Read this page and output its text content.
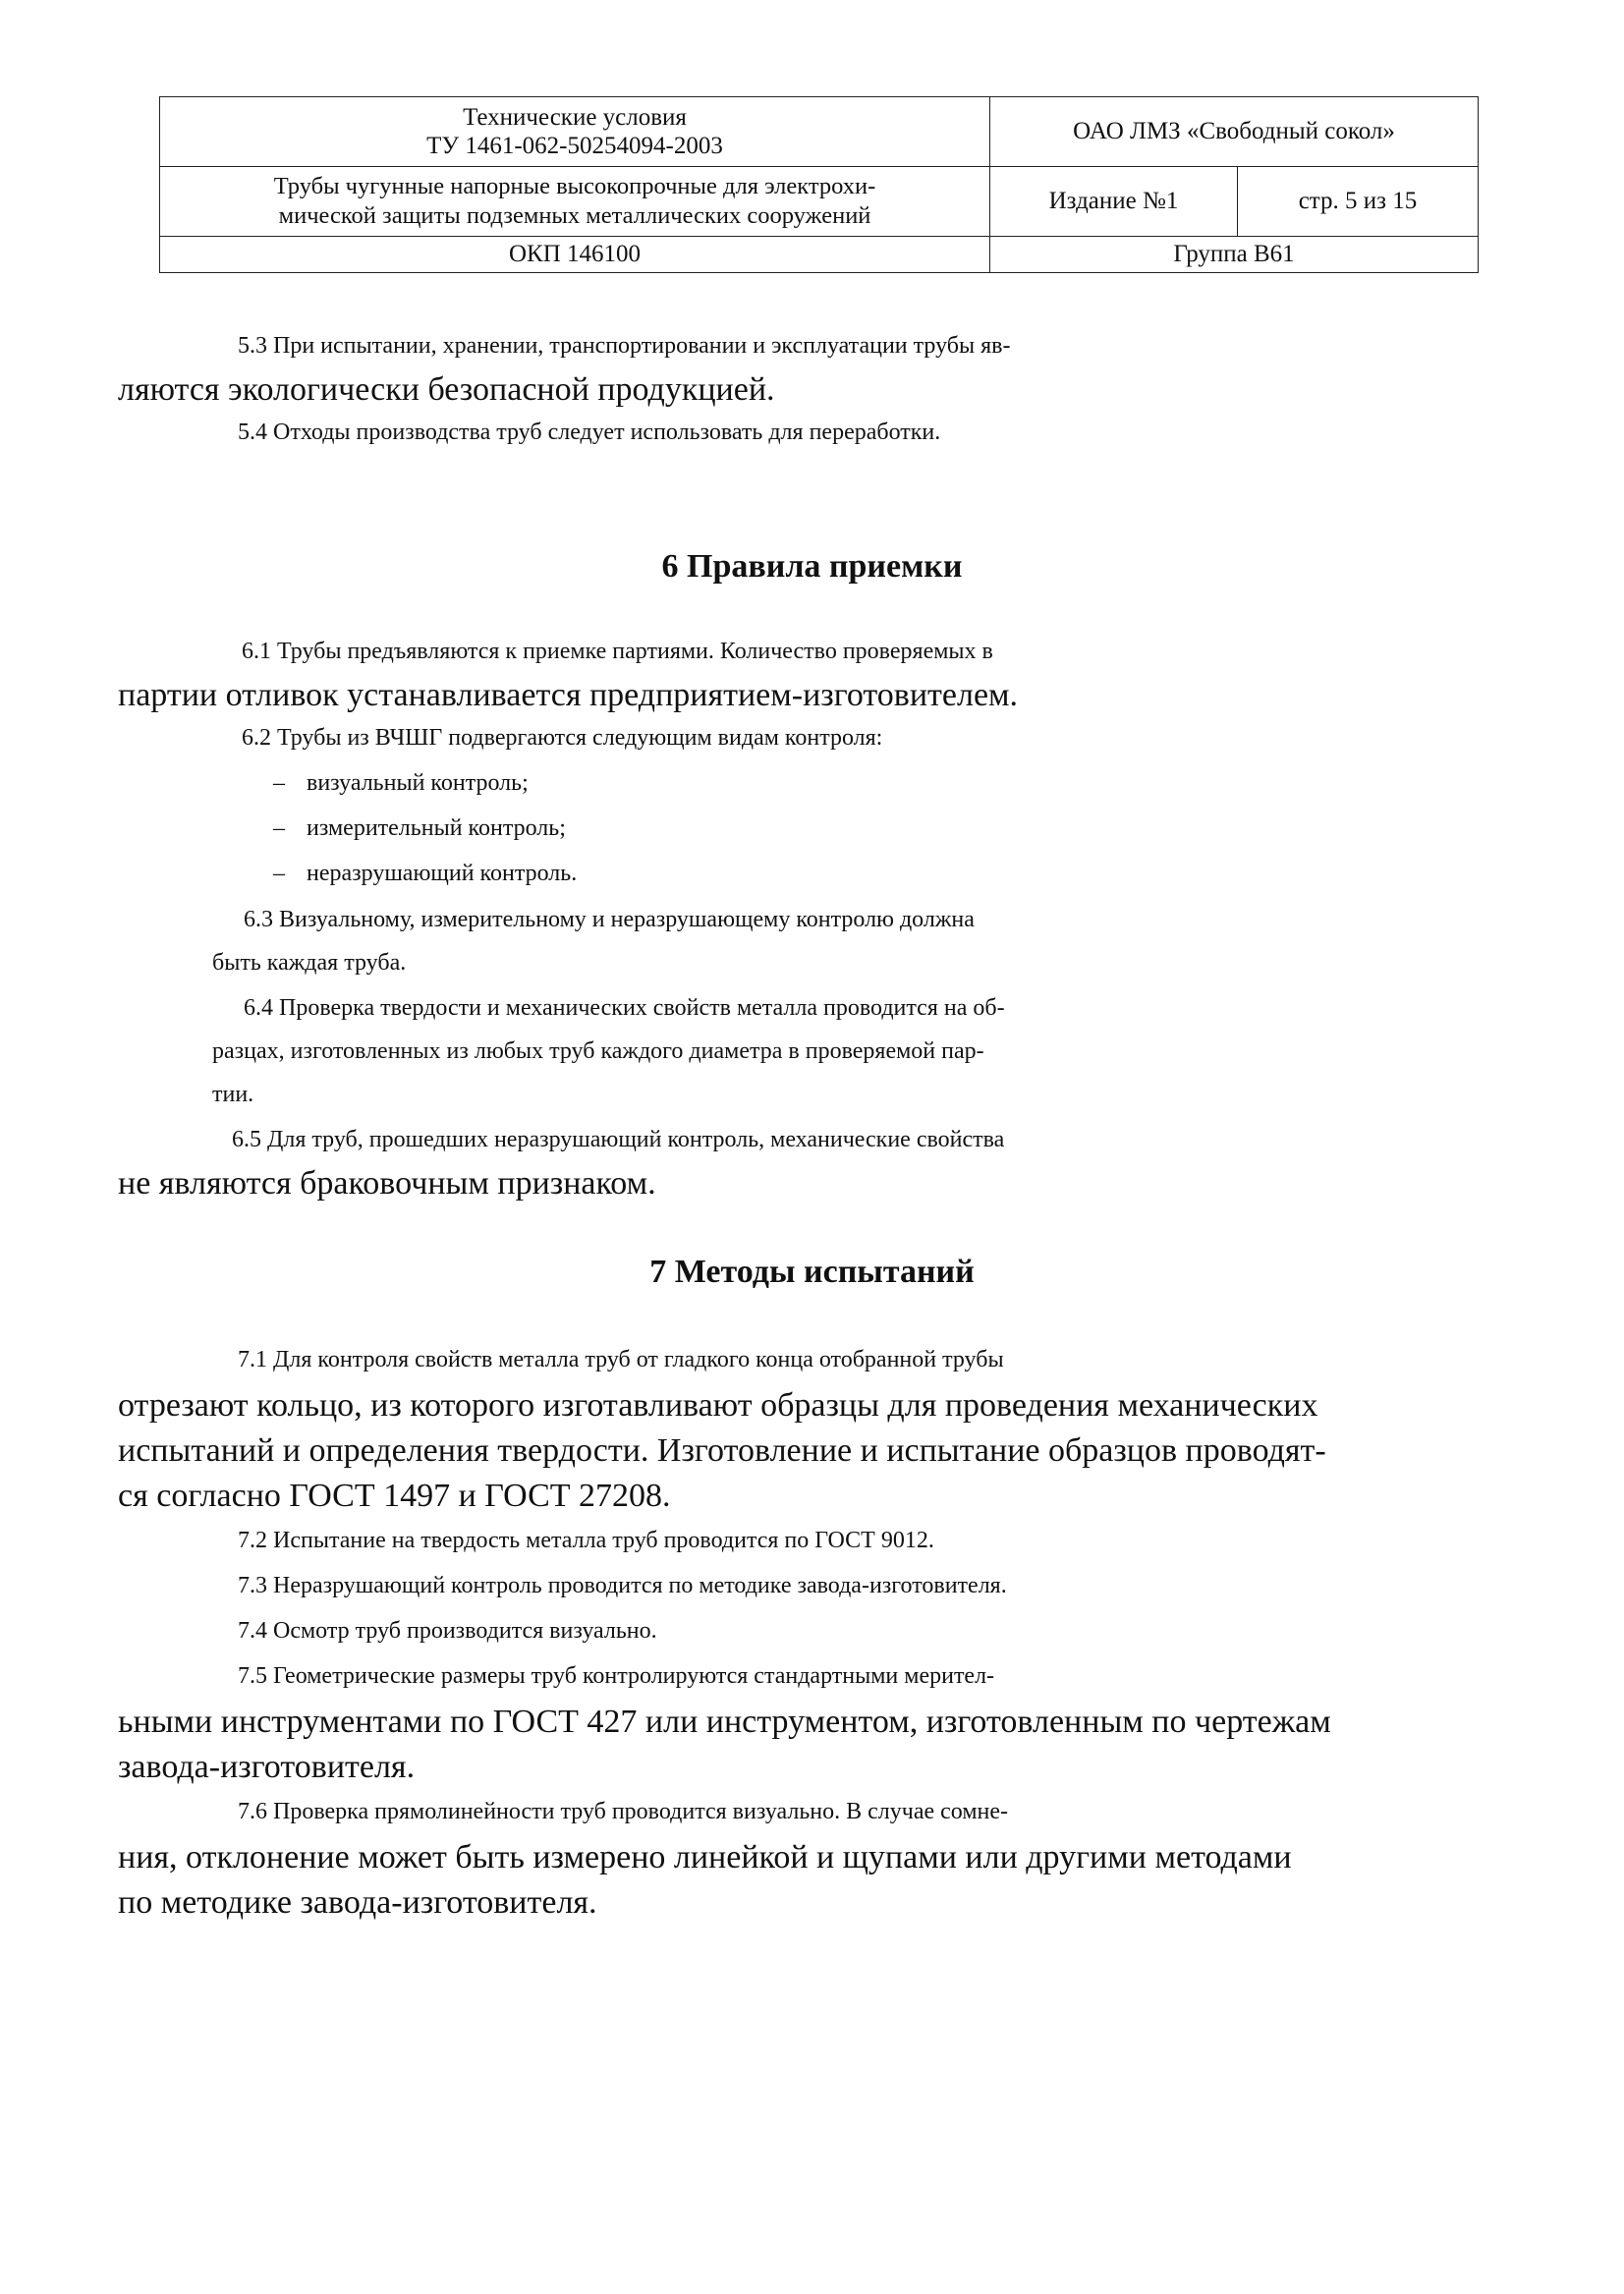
Технические условия
ТУ 1461-062-50254094-2003	ОАО ЛМЗ «Свободный сокол»	

Трубы чугунные напорные высокопрочные для электрохи-
мической защиты подземных металлических сооружений	Издание №1	стр. 5 из 15
ОКП 146100	Группа В61	
5.3 При испытании, хранении, транспортировании и эксплуатации трубы яв-
ляются экологически безопасной продукцией.
5.4 Отходы производства труб следует использовать для переработки.
6 Правила приемки
6.1 Трубы предъявляются к приемке партиями. Количество проверяемых в
партии отливок устанавливается предприятием-изготовителем.
6.2 Трубы из ВЧШГ подвергаются следующим видам контроля:
– визуальный контроль;
– измерительный контроль;
– неразрушающий контроль.
6.3 Визуальному, измерительному и неразрушающему контролю должна
быть каждая труба.
6.4 Проверка твердости и механических свойств металла проводится на об-
разцах, изготовленных из любых труб каждого диаметра в проверяемой пар-
тии.
6.5 Для труб, прошедших неразрушающий контроль, механические свойства
не являются браковочным признаком.
7 Методы испытаний
7.1 Для контроля свойств металла труб от гладкого конца отобранной трубы
отрезают кольцо, из которого изготавливают образцы для проведения механических
испытаний и определения твердости. Изготовление и испытание образцов проводят-
ся согласно ГОСТ 1497 и ГОСТ 27208.
7.2 Испытание на твердость металла труб проводится по ГОСТ 9012.
7.3 Неразрушающий контроль проводится по методике завода-изготовителя.
7.4 Осмотр труб производится визуально.
7.5 Геометрические размеры труб контролируются стандартными мерител-
ьными инструментами по ГОСТ 427 или инструментом, изготовленным по чертежам
завода-изготовителя.
7.6 Проверка прямолинейности труб проводится визуально. В случае сомне-
ния, отклонение может быть измерено линейкой и щупами или другими методами
по методике завода-изготовителя.
